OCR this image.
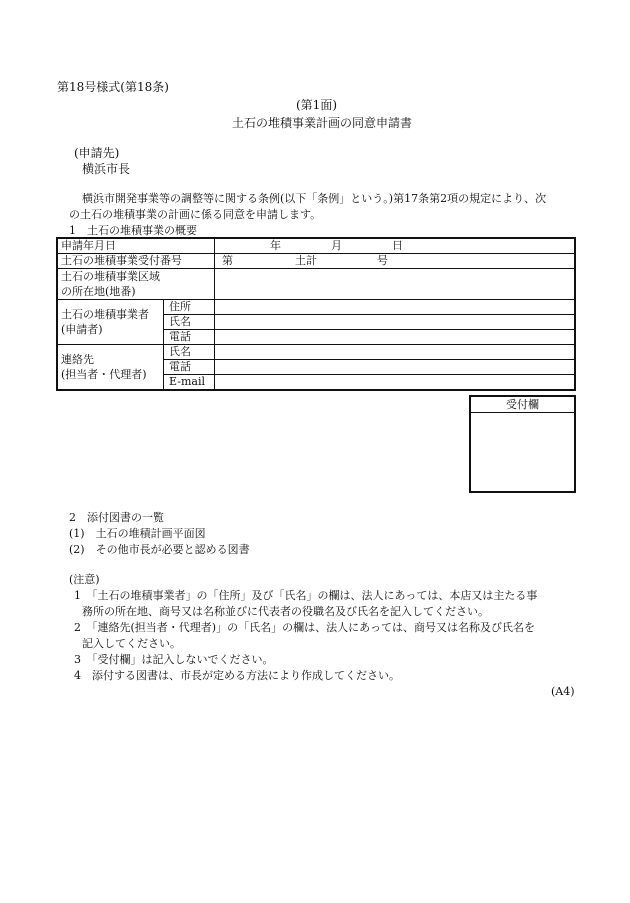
第18号様式(第18条)
(第1面)
土石の堆積事業計画の同意申請書
(申請先)
横浜市長
横浜市開発事業等の調整等に関する条例(以下「条例」という。)第17条第2項の規定により、次
の土石の堆積事業の計画に係る同意を申請します。
1　土石の堆積事業の概要
申請年月日		年 月 日
土石の堆積事業受付番号		第 土計 号
土石の堆積事業区域
の所在地(地番)		
土石の堆積事業者
(申請者)	住所	
	氏名	
	電話	
連絡先
(担当者・代理者)	氏名	
	電話	
	E-mail	
受付欄
2　添付図書の一覧
(1)　土石の堆積計画平面図
(2)　その他市長が必要と認める図書
(注意)
1　「土石の堆積事業者」の「住所」及び「氏名」の欄は、法人にあっては、本店又は主たる事
務所の所在地、商号又は名称並びに代表者の役職名及び氏名を記入してください。
2　「連絡先(担当者・代理者)」の「氏名」の欄は、法人にあっては、商号又は名称及び氏名を
記入してください。
3　「受付欄」は記入しないでください。
4　添付する図書は、市長が定める方法により作成してください。
(A4)
